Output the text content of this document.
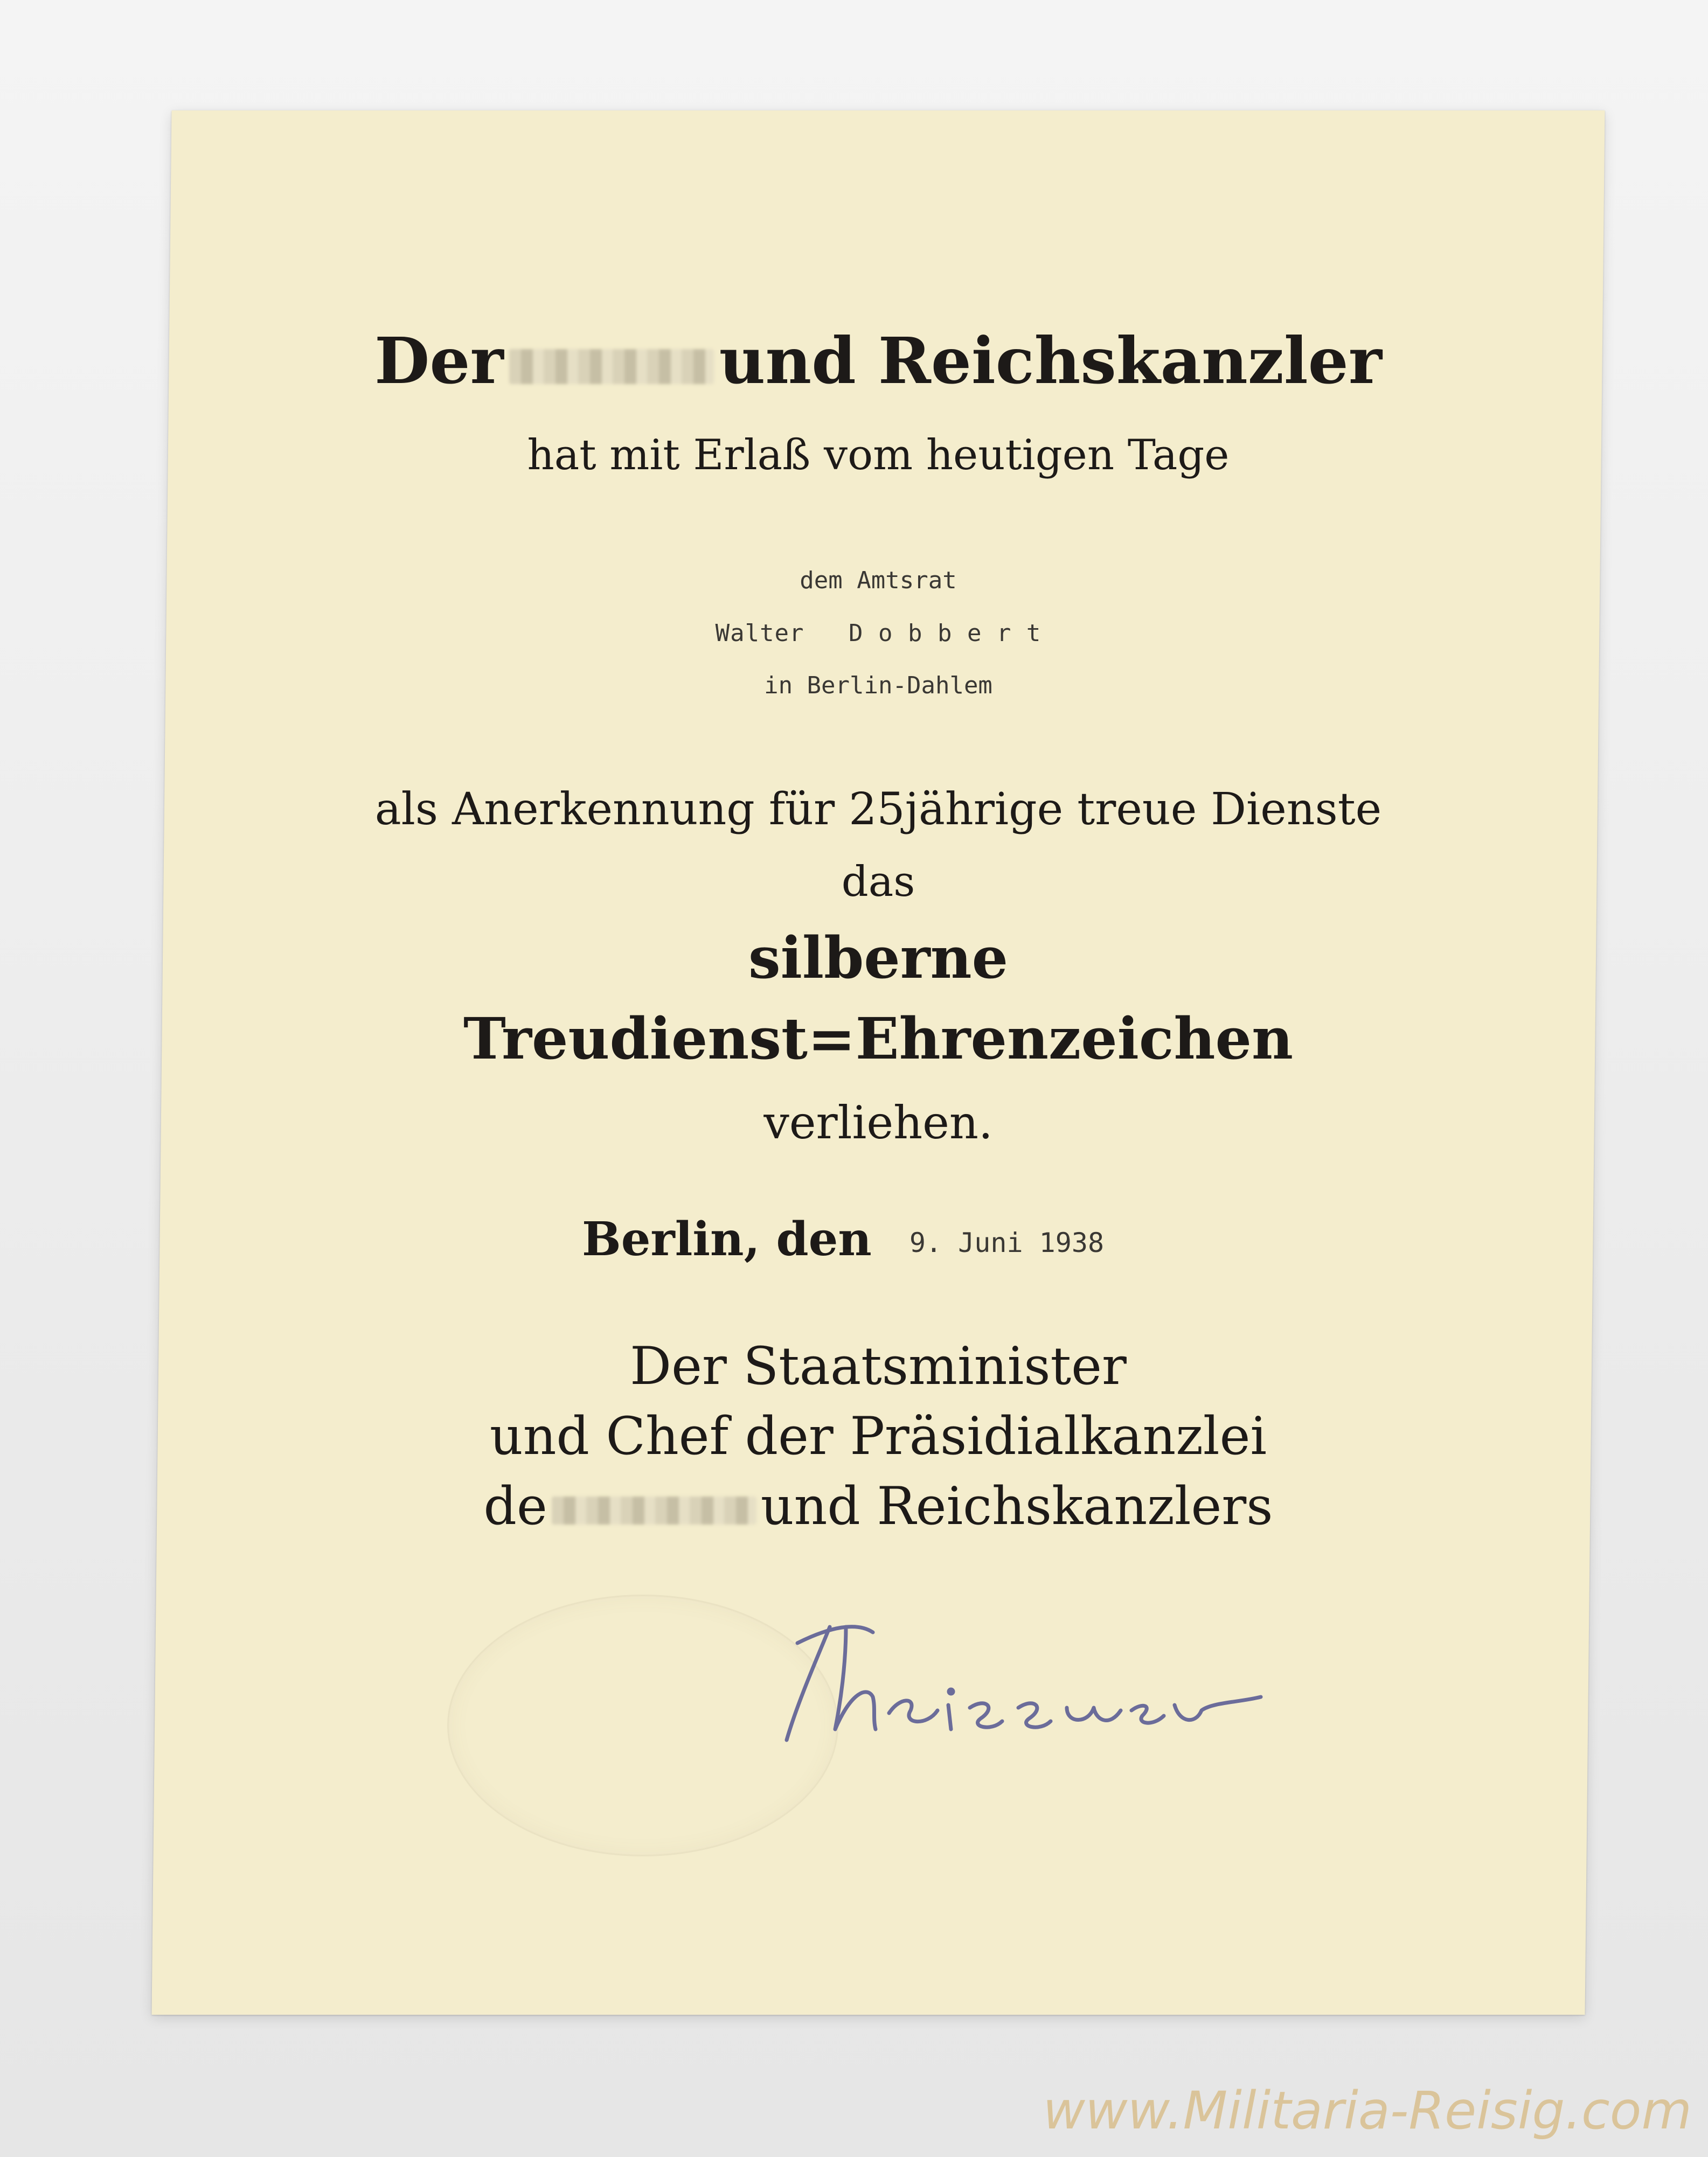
Der	und Reichskanzler
hat mit Erlaß vom heutigen Tage
dem Amtsrat
Walter D o b b e r t
in Berlin-Dahlem
als Anerkennung für 25jährige treue Dienste
das
silberne
Treudienst=Ehrenzeichen
verliehen.
Berlin, den 9. Juni 1938
Der Staatsminister
und Chef der Präsidialkanzlei
de	und Reichskanzlers
www.Militaria-Reisig.com
